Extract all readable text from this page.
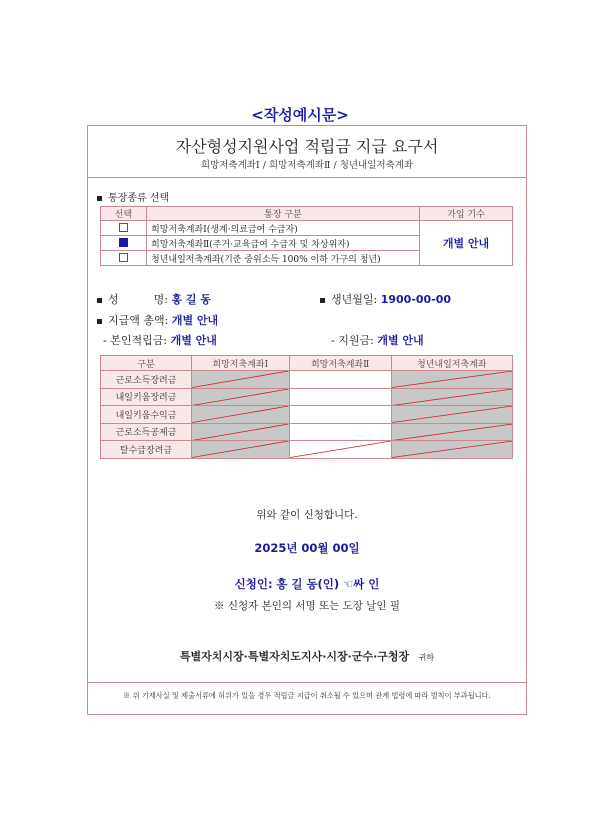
<작성예시문>
자산형성지원사업 적립금 지급 요구서
희망저축계좌Ⅰ / 희망저축계좌Ⅱ / 청년내일저축계좌
통장종류 선택
선택	통장 구분	가입 기수
	희망저축계좌Ⅰ(생계·의료급여 수급자)	개별 안내
	희망저축계좌Ⅱ(주거·교육급여 수급자 및 차상위자)	
	청년내일저축계좌(기준 중위소득 100% 이하 가구의 청년)	
성          명: 홍 길 동	생년월일: 1900-00-00
지급액 총액: 개별 안내
- 본인적립금: 개별 안내	- 지원금: 개별 안내
구분	희망저축계좌Ⅰ	희망저축계좌Ⅱ	청년내일저축계좌
근로소득장려금	

내일키움장려금	

내일키움수익금	

근로소득공제금	

탈수급장려금	

위와 같이 신청합니다.
2025년 00월 00일
신청인: 홍 길 동(인) ☜싸 인
※ 신청자 본인의 서명 또는 도장 날인 필
특별자치시장·특별자치도지사·시장·군수·구청장 귀하
※ 위 기재사실 및 제출서류에 허위가 있을 경우 적립금 지급이 취소될 수 있으며 관계 법령에 따라 벌칙이 부과됩니다.
